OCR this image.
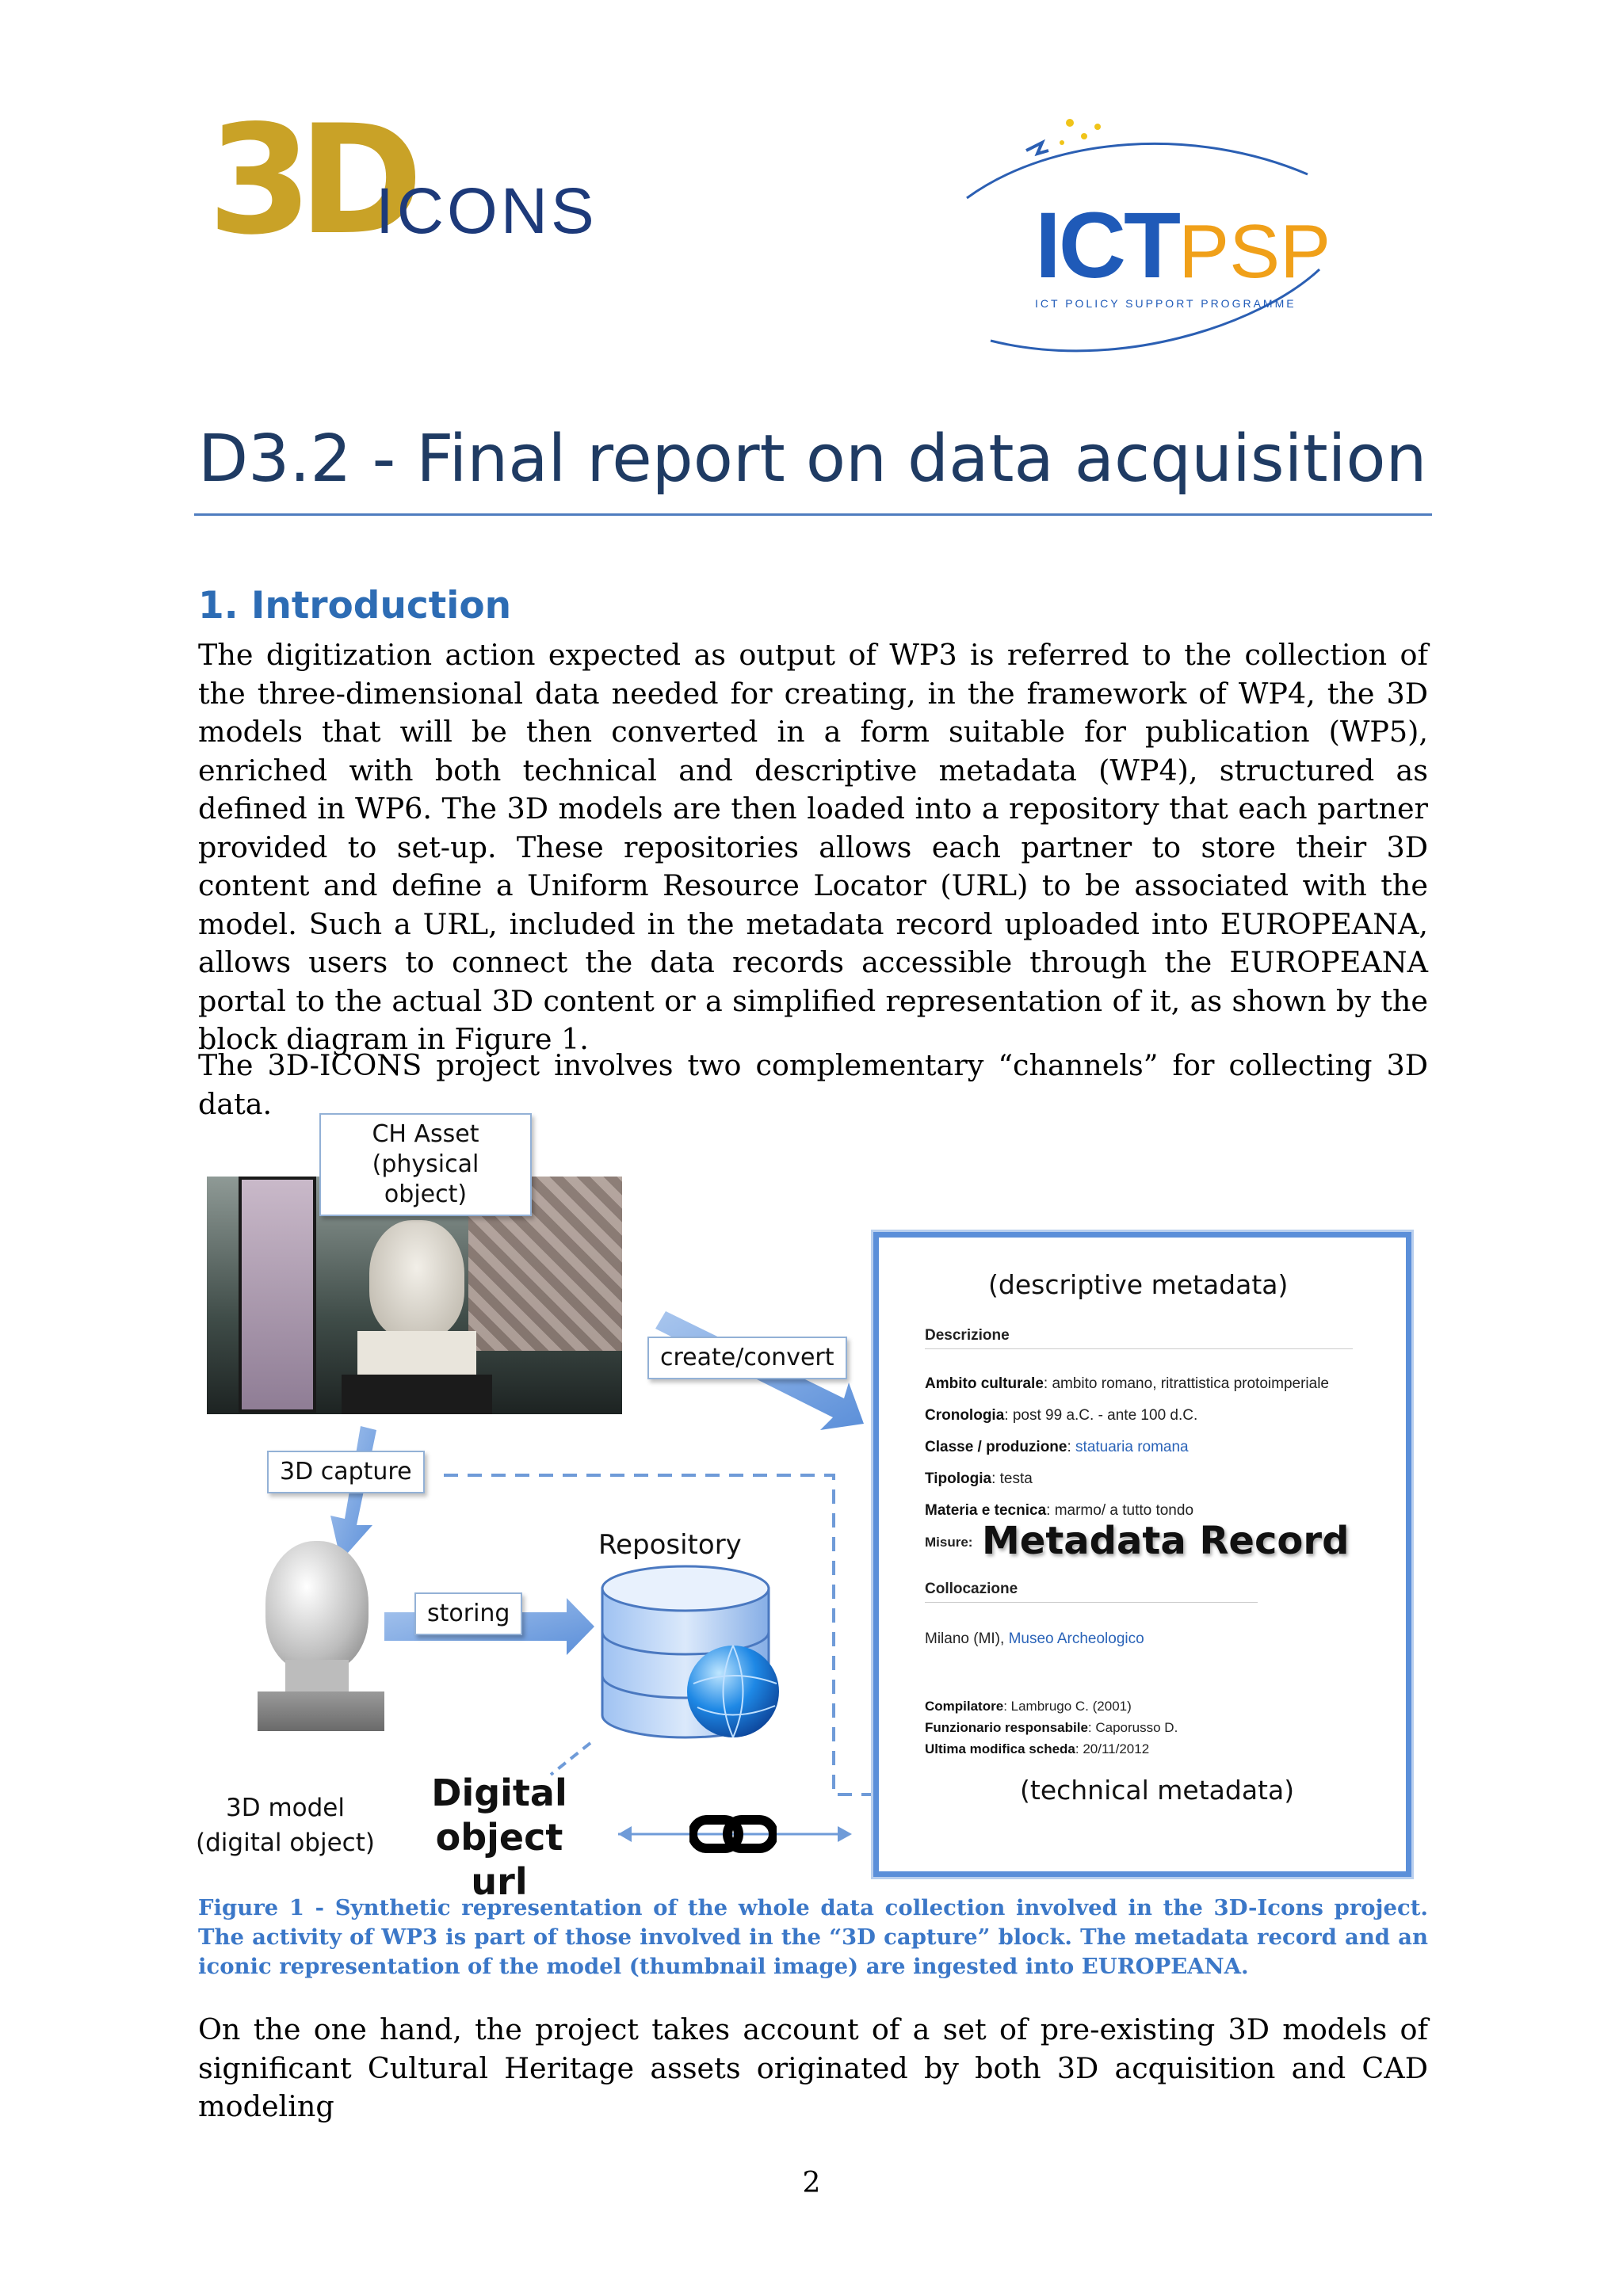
3D
ICONS	ICTPSP
ICT POLICY SUPPORT PROGRAMME
D3.2 - Final report on data acquisition
1. Introduction

The digitization action expected as output of WP3 is referred to the collection of the three-dimensional data needed for creating, in the framework of WP4, the 3D models that will be then converted in a form suitable for publication (WP5), enriched with both technical and descriptive metadata (WP4), structured as defined in WP6. The 3D models are then loaded into a repository that each partner provided to set-up. These repositories allows each partner to store their 3D content and define a Uniform Resource Locator (URL) to be associated with the model. Such a URL, included in the metadata record uploaded into EUROPEANA, allows users to connect the data records accessible through the EUROPEANA portal to the actual 3D content or a simplified representation of it, as shown by the block diagram in Figure 1.

The 3D-ICONS project involves two complementary “channels” for collecting 3D data.

CH Asset
(physical object)
create/convert
3D capture
storing
3D model
(digital object)
Repository
Digital
object url
(descriptive metadata)
Descrizione
Ambito culturale: ambito romano, ritrattistica protoimperiale
Cronologia: post 99 a.C. - ante 100 d.C.
Classe / produzione: statuaria romana
Tipologia: testa
Materia e tecnica: marmo/ a tutto tondo
Misure: Metadata Record
Collocazione
Milano (MI), Museo Archeologico
Compilatore: Lambrugo C. (2001)
Funzionario responsabile: Caporusso D.
Ultima modifica scheda: 20/11/2012
(technical metadata)

Figure 1 - Synthetic representation of the whole data collection involved in the 3D-Icons project. The activity of WP3 is part of those involved in the “3D capture” block. The metadata record and an iconic representation of the model (thumbnail image) are ingested into EUROPEANA.

On the one hand, the project takes account of a set of pre-existing 3D models of significant Cultural Heritage assets originated by both 3D acquisition and CAD modeling

2
